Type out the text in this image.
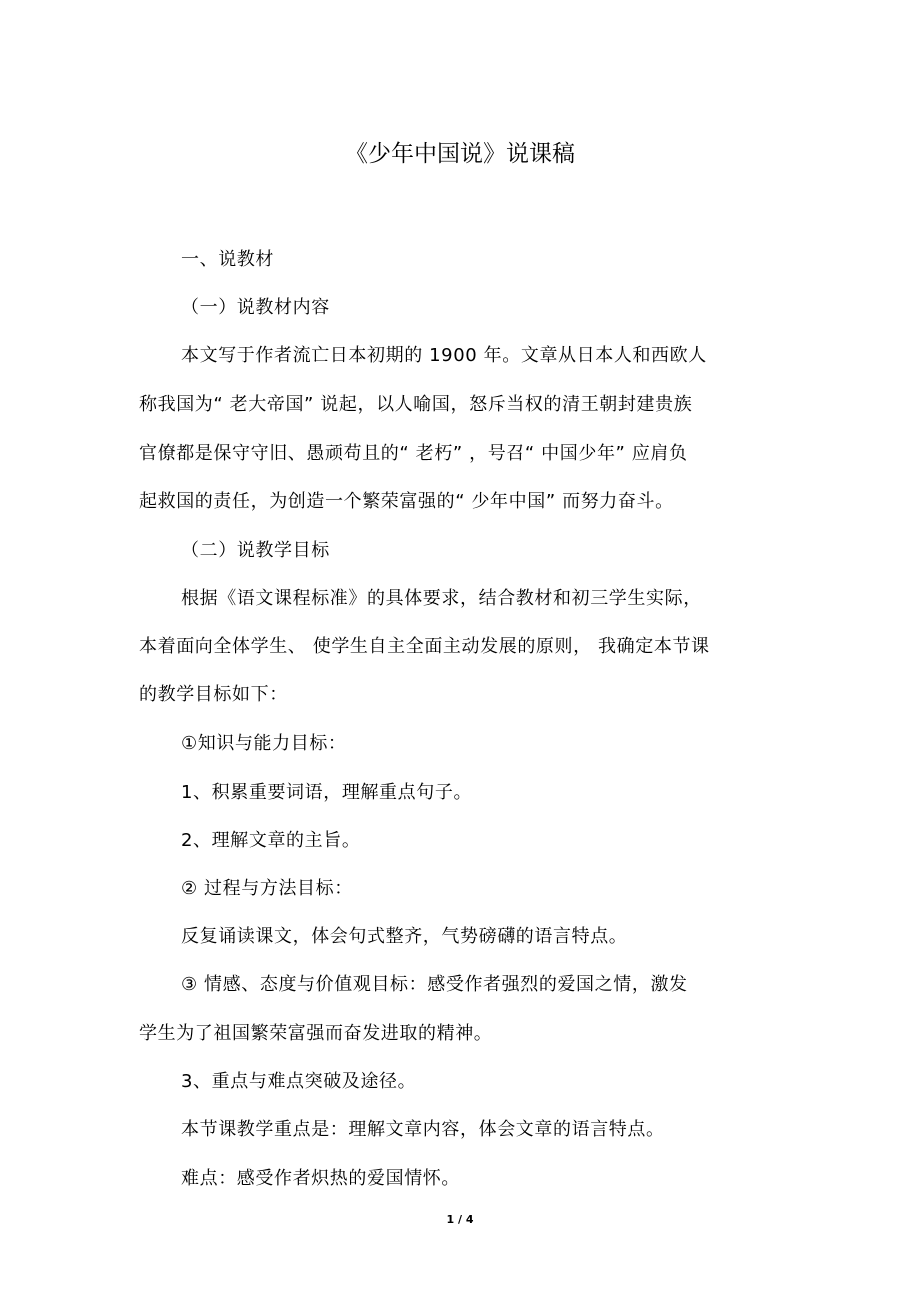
《少年中国说》说课稿
一、说教材
（一）说教材内容
本文写于作者流亡日本初期的 1900 年。文章从日本人和西欧人
称我国为“ 老大帝国” 说起，以人喻国，怒斥当权的清王朝封建贵族
官僚都是保守守旧、愚顽苟且的“ 老朽” ，号召“ 中国少年” 应肩负
起救国的责任，为创造一个繁荣富强的“ 少年中国” 而努力奋斗。
（二）说教学目标
根据《语文课程标准》的具体要求，结合教材和初三学生实际，
本着面向全体学生、 使学生自主全面主动发展的原则， 我确定本节课
的教学目标如下：
①知识与能力目标：
1、积累重要词语，理解重点句子。
2、理解文章的主旨。
② 过程与方法目标：
反复诵读课文，体会句式整齐，气势磅礴的语言特点。
③ 情感、态度与价值观目标：感受作者强烈的爱国之情，激发
学生为了祖国繁荣富强而奋发进取的精神。
3、重点与难点突破及途径。
本节课教学重点是：理解文章内容，体会文章的语言特点。
难点：感受作者炽热的爱国情怀。
1 / 4
